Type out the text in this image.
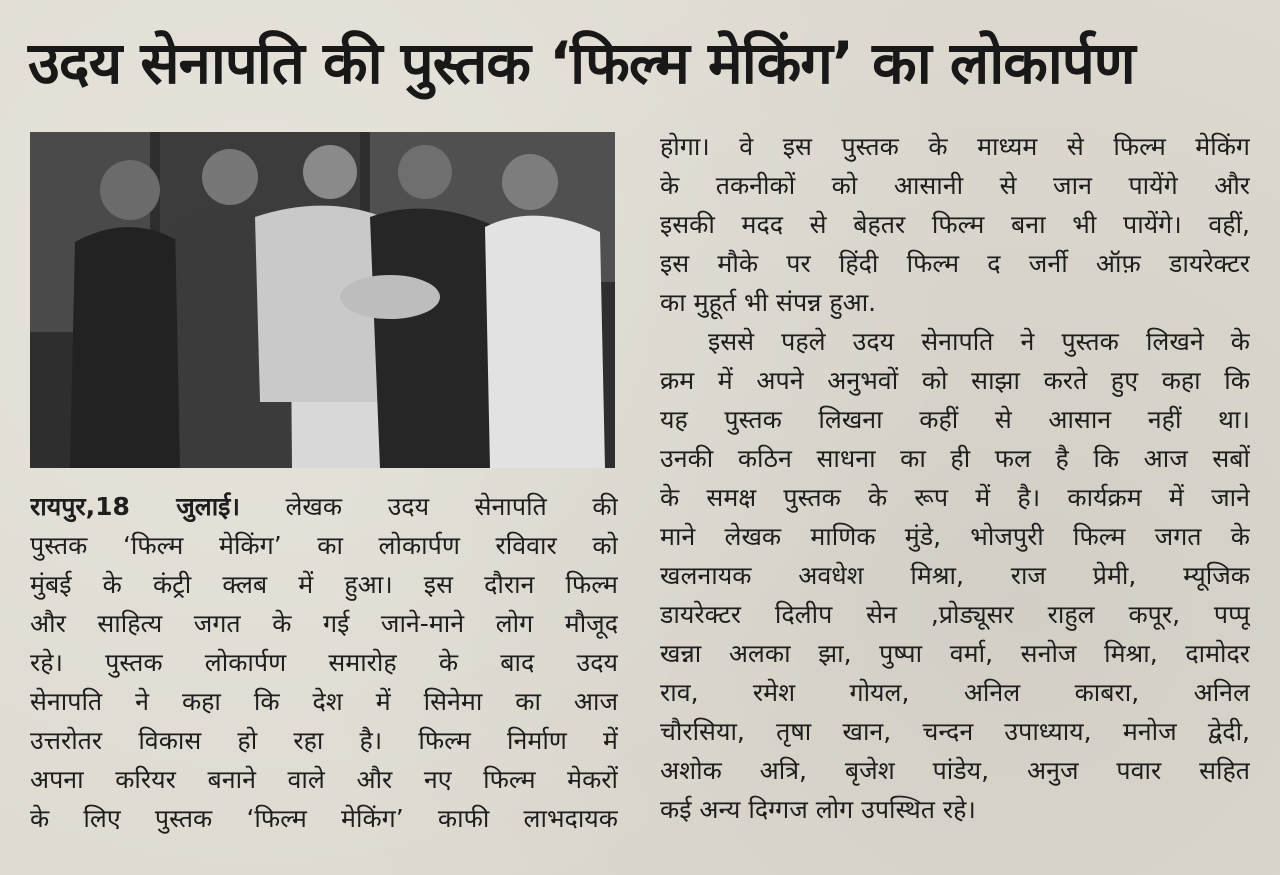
उदय सेनापति की पुस्तक ‘फिल्म मेकिंग’ का लोकार्पण
रायपुर,18 जुलाई। लेखक उदय सेनापति की
पुस्तक ‘फिल्म मेकिंग’ का लोकार्पण रविवार को
मुंबई के कंट्री क्लब में हुआ। इस दौरान फिल्म
और साहित्य जगत के गई जाने-माने लोग मौजूद
रहे। पुस्तक लोकार्पण समारोह के बाद उदय
सेनापति ने कहा कि देश में सिनेमा का आज
उत्तरोतर विकास हो रहा है। फिल्म निर्माण में
अपना करियर बनाने वाले और नए फिल्म मेकरों
के लिए पुस्तक ‘फिल्म मेकिंग’ काफी लाभदायक
होगा। वे इस पुस्तक के माध्यम से फिल्म मेकिंग
के तकनीकों को आसानी से जान पायेंगे और
इसकी मदद से बेहतर फिल्म बना भी पायेंगे। वहीं,
इस मौके पर हिंदी फिल्म द जर्नी ऑफ़ डायरेक्टर
का मुहूर्त भी संपन्न हुआ.
इससे पहले उदय सेनापति ने पुस्तक लिखने के
क्रम में अपने अनुभवों को साझा करते हुए कहा कि
यह पुस्तक लिखना कहीं से आसान नहीं था।
उनकी कठिन साधना का ही फल है कि आज सबों
के समक्ष पुस्तक के रूप में है। कार्यक्रम में जाने
माने लेखक माणिक मुंडे, भोजपुरी फिल्म जगत के
खलनायक अवधेश मिश्रा, राज प्रेमी, म्यूजिक
डायरेक्टर दिलीप सेन ,प्रोड्यूसर राहुल कपूर, पप्पू
खन्ना अलका झा, पुष्पा वर्मा, सनोज मिश्रा, दामोदर
राव, रमेश गोयल, अनिल काबरा, अनिल
चौरसिया, तृषा खान, चन्दन उपाध्याय, मनोज द्वेदी,
अशोक अत्रि, बृजेश पांडेय, अनुज पवार सहित
कई अन्य दिग्गज लोग उपस्थित रहे।
